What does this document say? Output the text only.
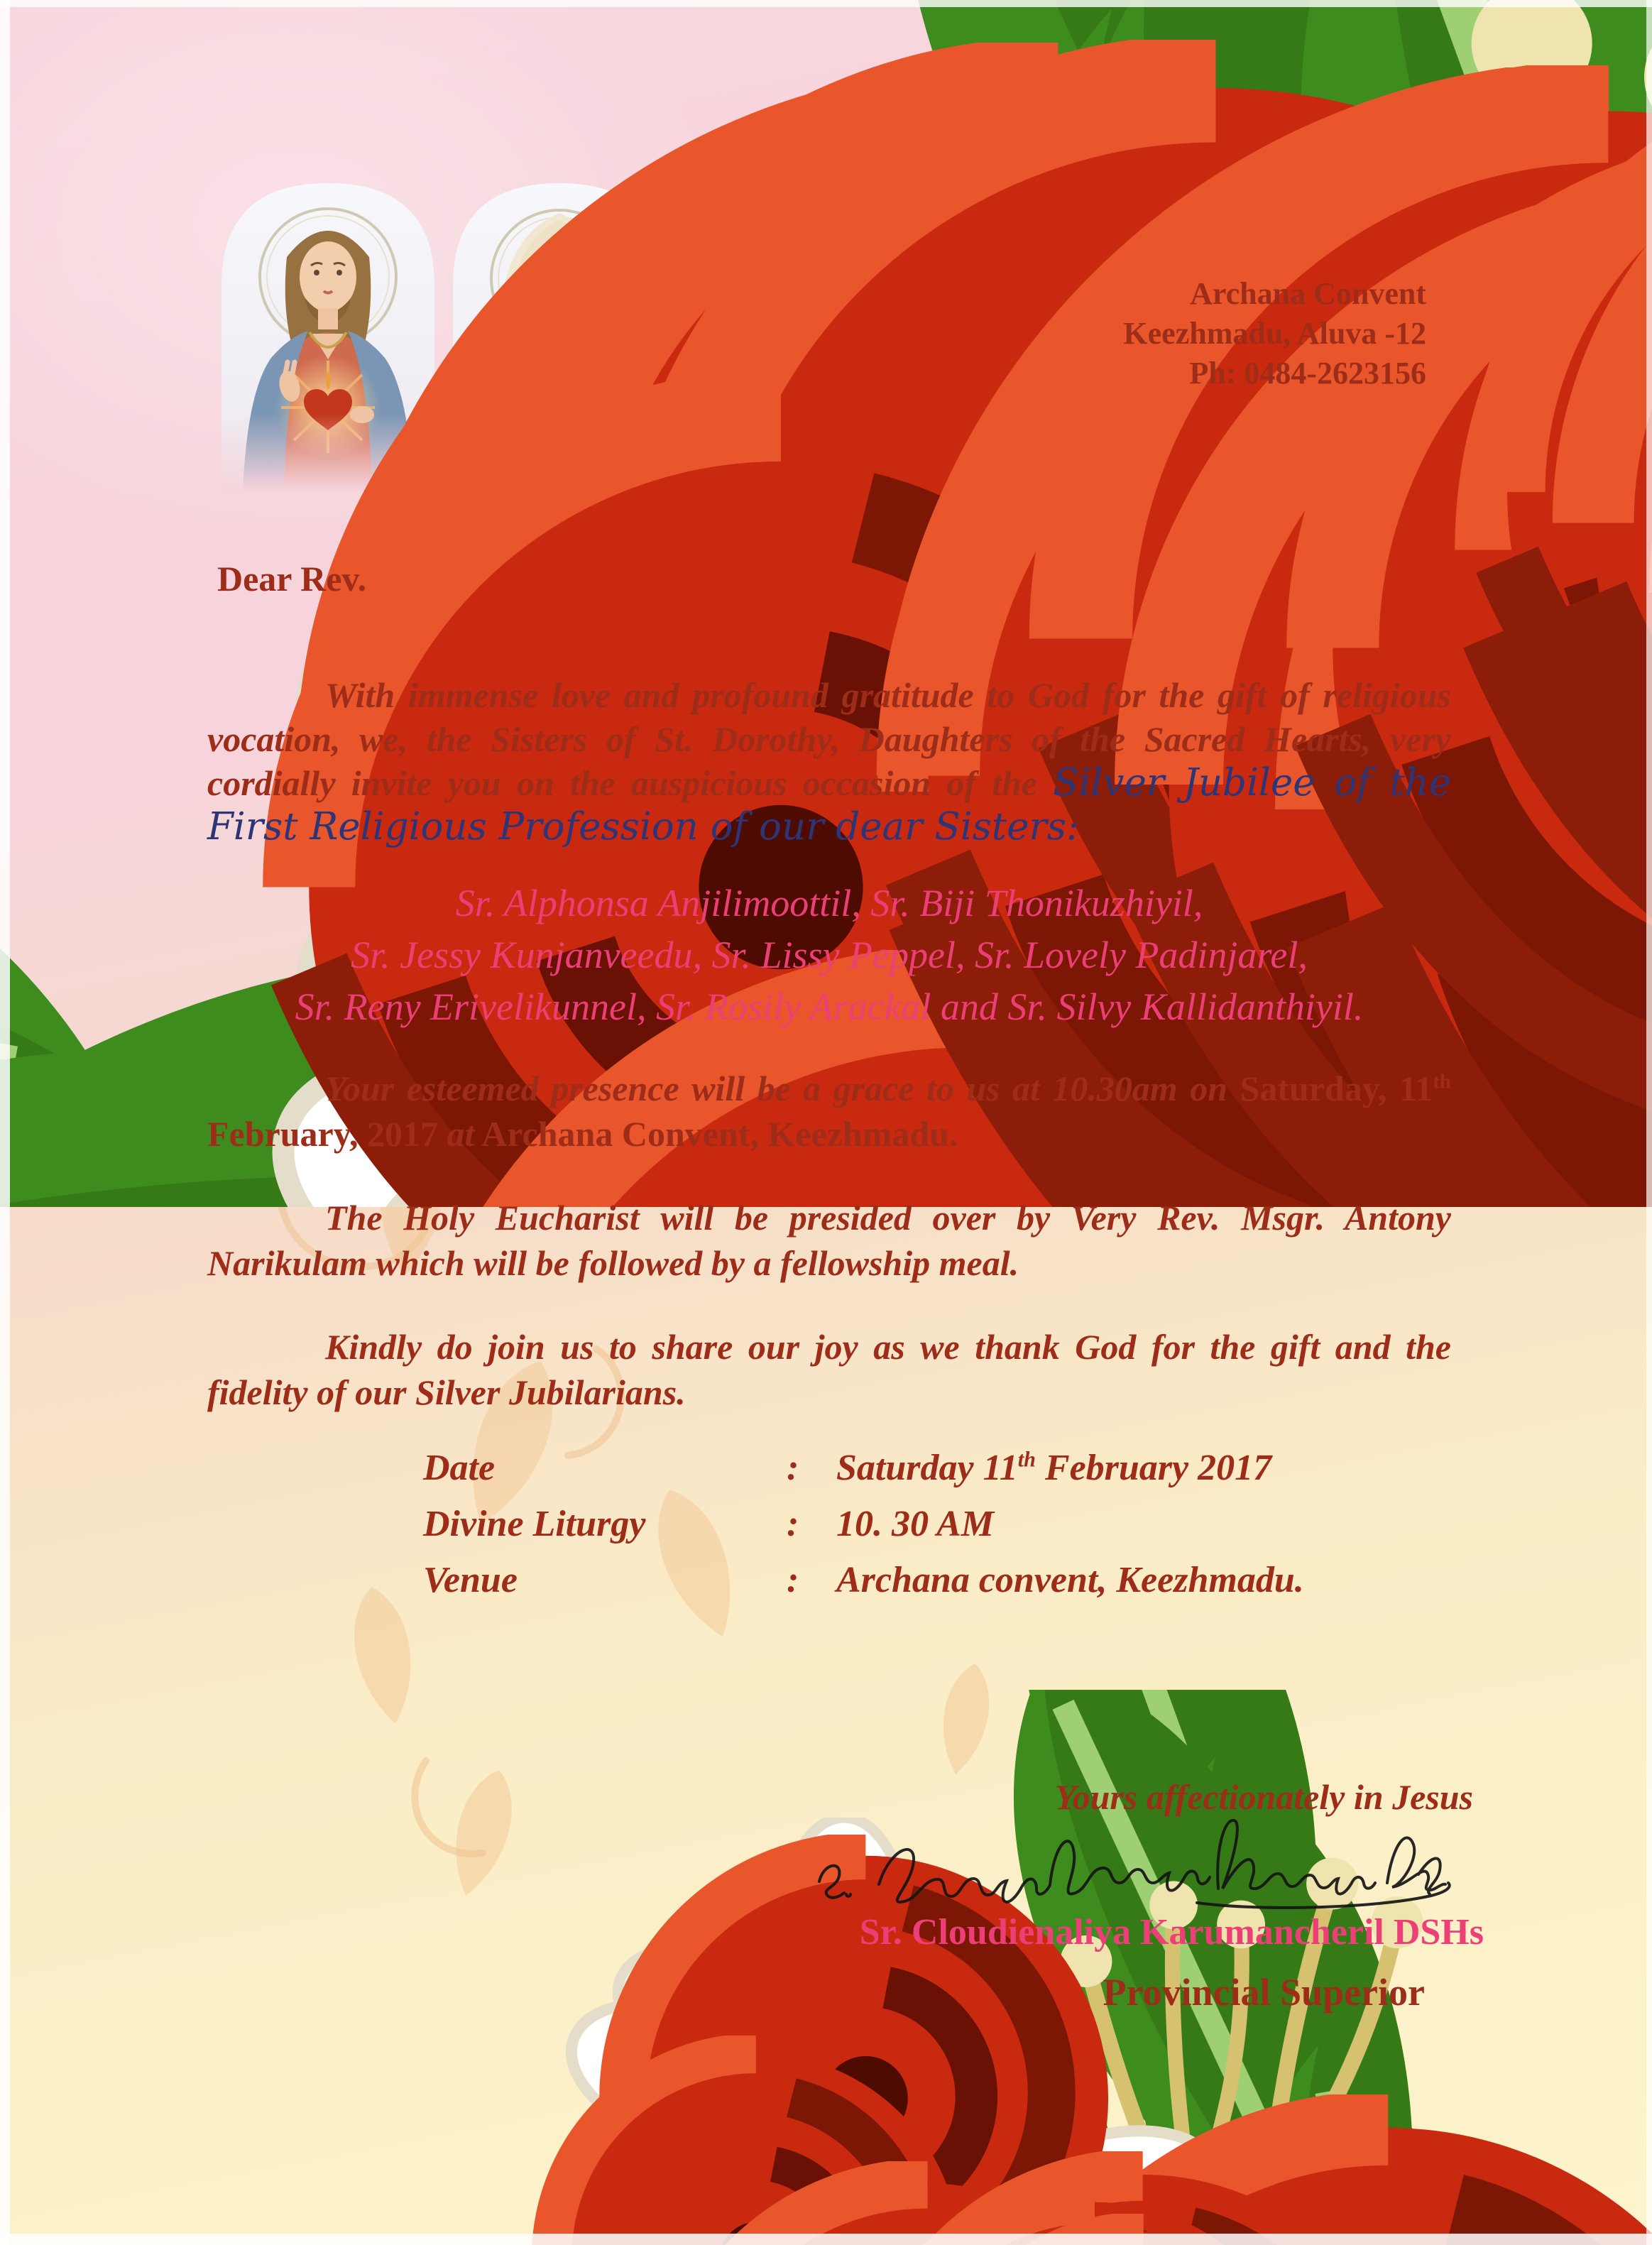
Archana Convent
Keezhmadu, Aluva -12
Ph: 0484-2623156
Dear Rev.

With immense love and profound gratitude to God for the gift of religious vocation, we, the Sisters of St. Dorothy, Daughters of the Sacred Hearts, very cordially invite you on the auspicious occasion of the Silver Jubilee of the First Religious Profession of our dear Sisters:

Sr. Alphonsa Anjilimoottil, Sr. Biji Thonikuzhiyil,
Sr. Jessy Kunjanveedu, Sr. Lissy Peppel, Sr. Lovely Padinjarel,
Sr. Reny Erivelikunnel, Sr. Rosily Arackal and Sr. Silvy Kallidanthiyil.

Your esteemed presence will be a grace to us at 10.30am on Saturday, 11th February, 2017 at Archana Convent, Keezhmadu.

The Holy Eucharist will be presided over by Very Rev. Msgr. Antony Narikulam which will be followed by a fellowship meal.

Kindly do join us to share our joy as we thank God for the gift and the fidelity of our Silver Jubilarians.

Date	:	Saturday 11th February 2017
Divine Liturgy	:	10. 30 AM
Venue	:	Archana convent, Keezhmadu.
Yours affectionately in Jesus
Sr. Cloudienaliya Karumancheril DSHs
Provincial Superior
